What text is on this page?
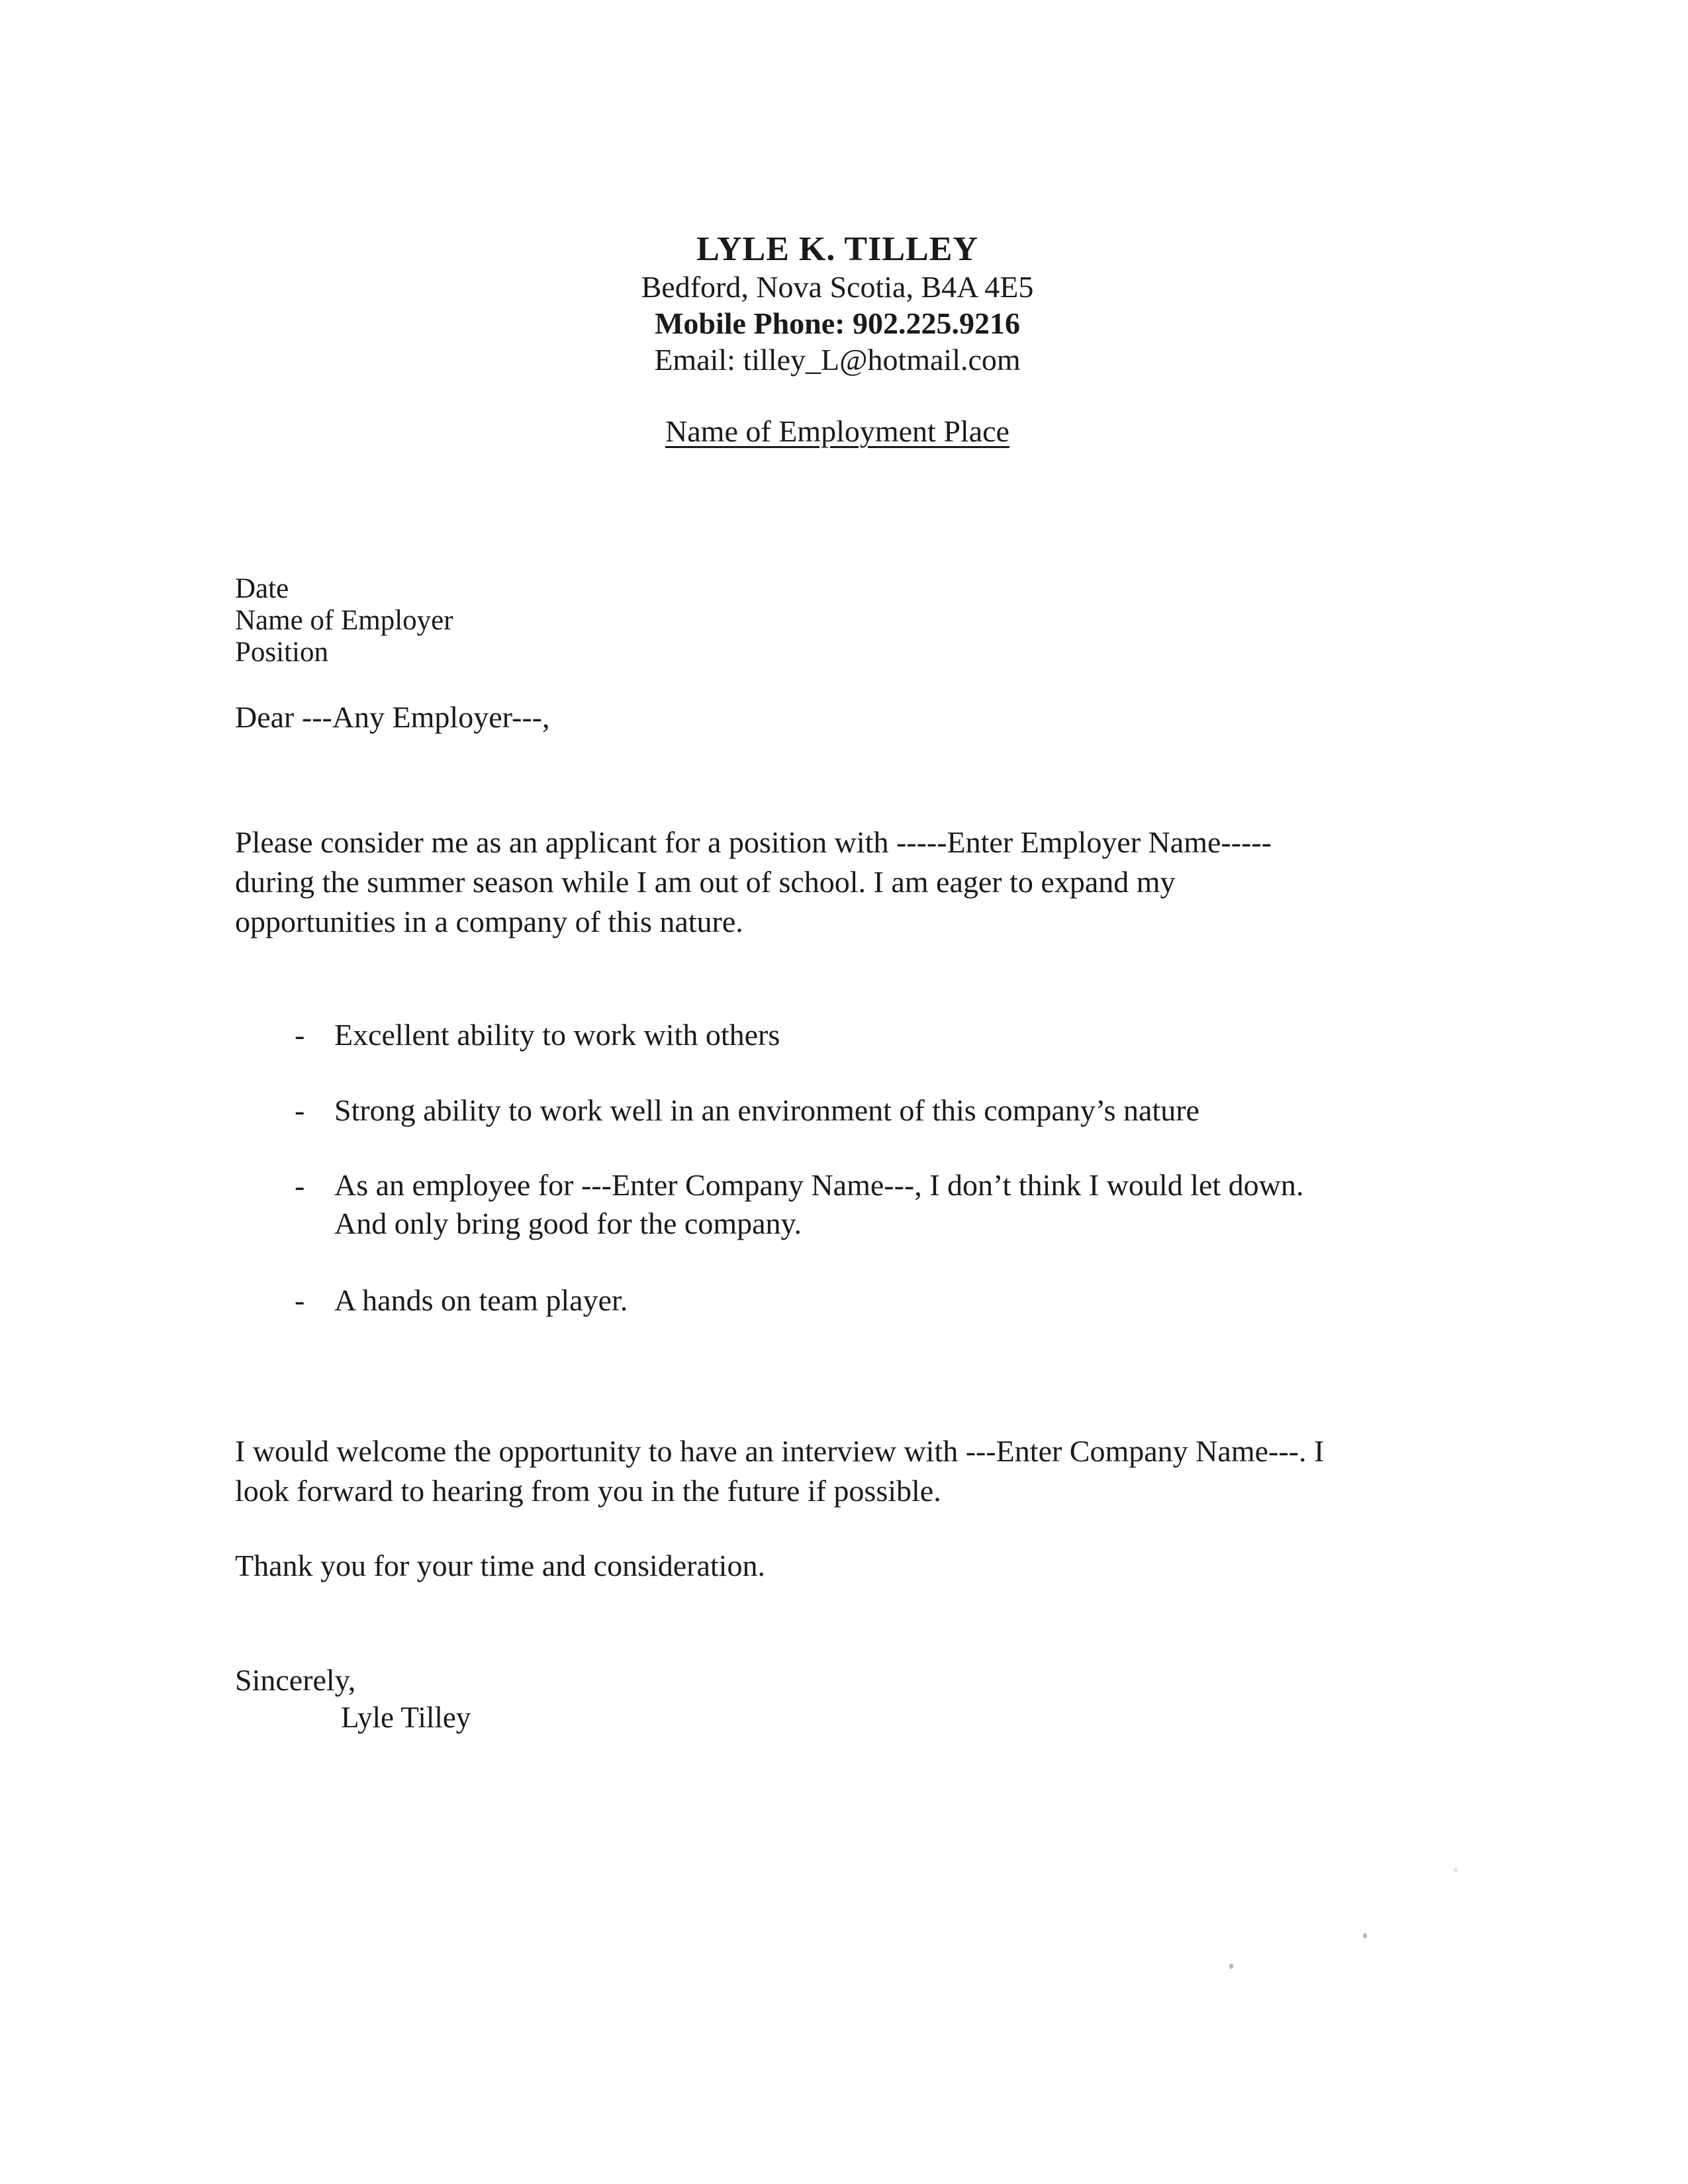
LYLE K. TILLEY
Bedford, Nova Scotia, B4A 4E5
Mobile Phone: 902.225.9216
Email: tilley_L@hotmail.com
Name of Employment Place
Date
Name of Employer
Position
Dear ---Any Employer---,
Please consider me as an applicant for a position with -----Enter Employer Name-----
during the summer season while I am out of school. I am eager to expand my
opportunities in a company of this nature.
- Excellent ability to work with others
- Strong ability to work well in an environment of this company’s nature
- As an employee for ---Enter Company Name---, I don’t think I would let down.
And only bring good for the company.
- A hands on team player.
I would welcome the opportunity to have an interview with ---Enter Company Name---. I
look forward to hearing from you in the future if possible.
Thank you for your time and consideration.
Sincerely,
Lyle Tilley
